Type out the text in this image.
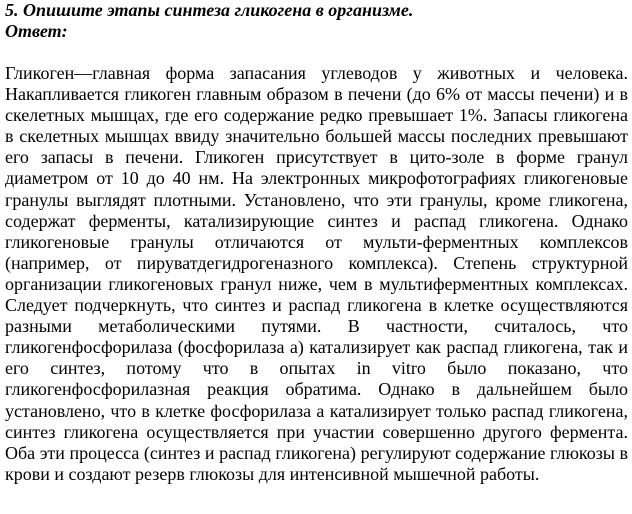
5. Опишите этапы синтеза гликогена в организме.

Ответ:

Гликоген—главная форма запасания углеводов у животных и человека. Накапливается гликоген главным образом в печени (до 6% от массы печени) и в скелетных мышцах, где его содержание редко превышает 1%. Запасы гликогена в скелетных мышцах ввиду значительно большей массы последних превышают его запасы в печени. Гликоген присутствует в цито-золе в форме гранул диаметром от 10 до 40 нм. На электронных микрофотографиях гликогеновые гранулы выглядят плотными. Установлено, что эти гранулы, кроме гликогена, содержат ферменты, катализирующие синтез и распад гликогена. Однако гликогеновые гранулы отличаются от мульти-ферментных комплексов (например, от пируватдегидрогеназного комплекса). Степень структурной организации гликогеновых гранул ниже, чем в мультиферментных комплексах. Следует подчеркнуть, что синтез и распад гликогена в клетке осуществляются разными метаболическими путями. В частности, считалось, что гликогенфосфорилаза (фосфорилаза а) катализирует как распад гликогена, так и его синтез, потому что в опытах in vitro было показано, что гликогенфосфорилазная реакция обратима. Однако в дальнейшем было установлено, что в клетке фосфорилаза а катализирует только распад гликогена, синтез гликогена осуществляется при участии совершенно другого фермента. Оба эти процесса (синтез и распад гликогена) регулируют содержание глюкозы в крови и создают резерв глюкозы для интенсивной мышечной работы.
